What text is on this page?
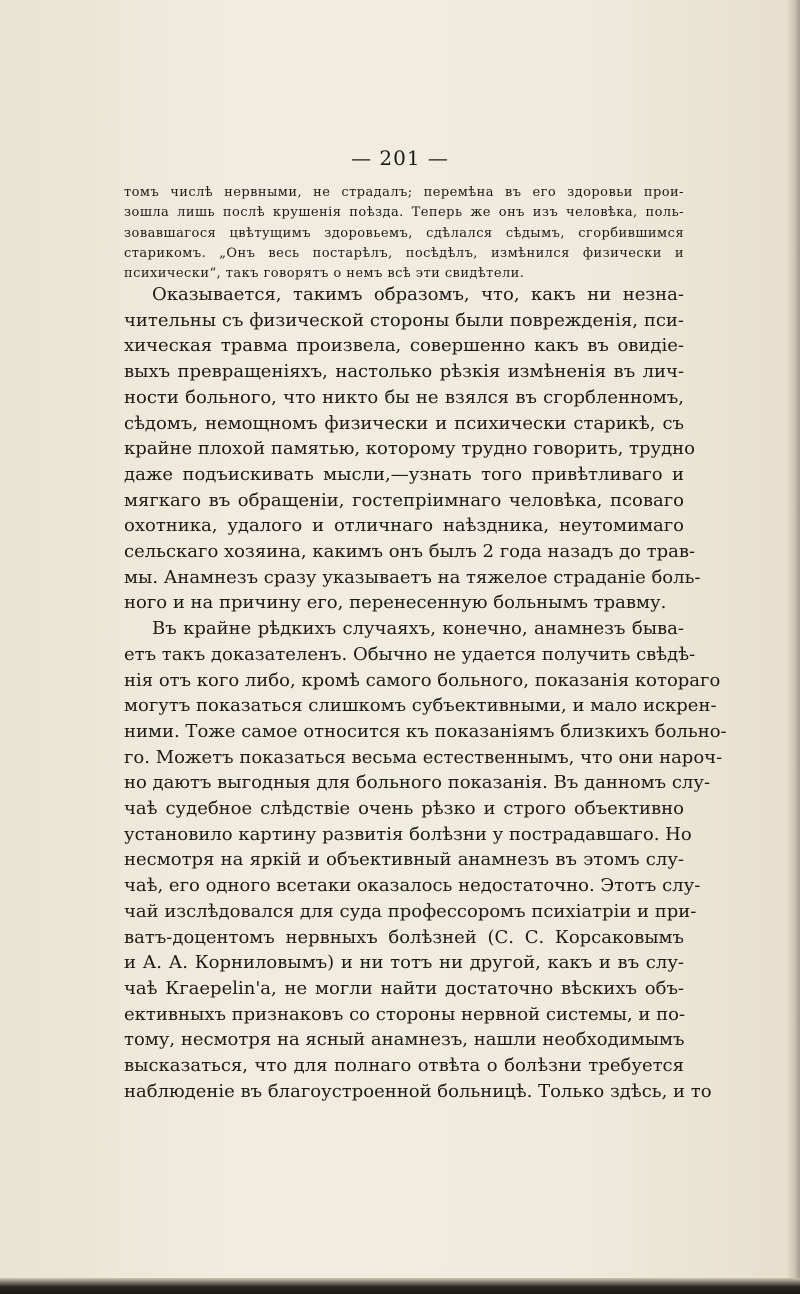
— 201 —

томъ числѣ нервными, не страдалъ; перемѣна въ его здоровьи прои-
зошла лишь послѣ крушенія поѣзда. Теперь же онъ изъ человѣка, поль-
зовавшагося цвѣтущимъ здоровьемъ, сдѣлался сѣдымъ, сгорбившимся
старикомъ. „Онъ весь постарѣлъ, посѣдѣлъ, измѣнился физически и
психически“, такъ говорятъ о немъ всѣ эти свидѣтели.

Оказывается, такимъ образомъ, что, какъ ни незна-
чительны съ физической стороны были поврежденія, пси-
хическая травма произвела, совершенно какъ въ овидіе-
выхъ превращеніяхъ, настолько рѣзкія измѣненія въ лич-
ности больного, что никто бы не взялся въ сгорбленномъ,
сѣдомъ, немощномъ физически и психически старикѣ, съ
крайне плохой памятью, которому трудно говорить, трудно
даже подъискивать мысли,—узнать того привѣтливаго и
мягкаго въ обращеніи, гостепріимнаго человѣка, псоваго
охотника, удалого и отличнаго наѣздника, неутомимаго
сельскаго хозяина, какимъ онъ былъ 2 года назадъ до трав-
мы. Анамнезъ сразу указываетъ на тяжелое страданіе боль-
ного и на причину его, перенесенную больнымъ травму.

Въ крайне рѣдкихъ случаяхъ, конечно, анамнезъ быва-
етъ такъ доказателенъ. Обычно не удается получить свѣдѣ-
нія отъ кого либо, кромѣ самого больного, показанія котораго
могутъ показаться слишкомъ субъективными, и мало искрен-
ними. Тоже самое относится къ показаніямъ близкихъ больно-
го. Можетъ показаться весьма естественнымъ, что они нароч-
но даютъ выгодныя для больного показанія. Въ данномъ слу-
чаѣ судебное слѣдствіе очень рѣзко и строго объективно
установило картину развитія болѣзни у пострадавшаго. Но
несмотря на яркій и объективный анамнезъ въ этомъ слу-
чаѣ, его одного всетаки оказалось недостаточно. Этотъ слу-
чай изслѣдовался для суда профессоромъ психіатріи и при-
ватъ-доцентомъ нервныхъ болѣзней (С. С. Корсаковымъ
и А. А. Корниловымъ) и ни тотъ ни другой, какъ и въ слу-
чаѣ Кгаереlіn'а, не могли найти достаточно вѣскихъ объ-
ективныхъ признаковъ со стороны нервной системы, и по-
тому, несмотря на ясный анамнезъ, нашли необходимымъ
высказаться, что для полнаго отвѣта о болѣзни требуется
наблюденіе въ благоустроенной больницѣ. Только здѣсь, и то
